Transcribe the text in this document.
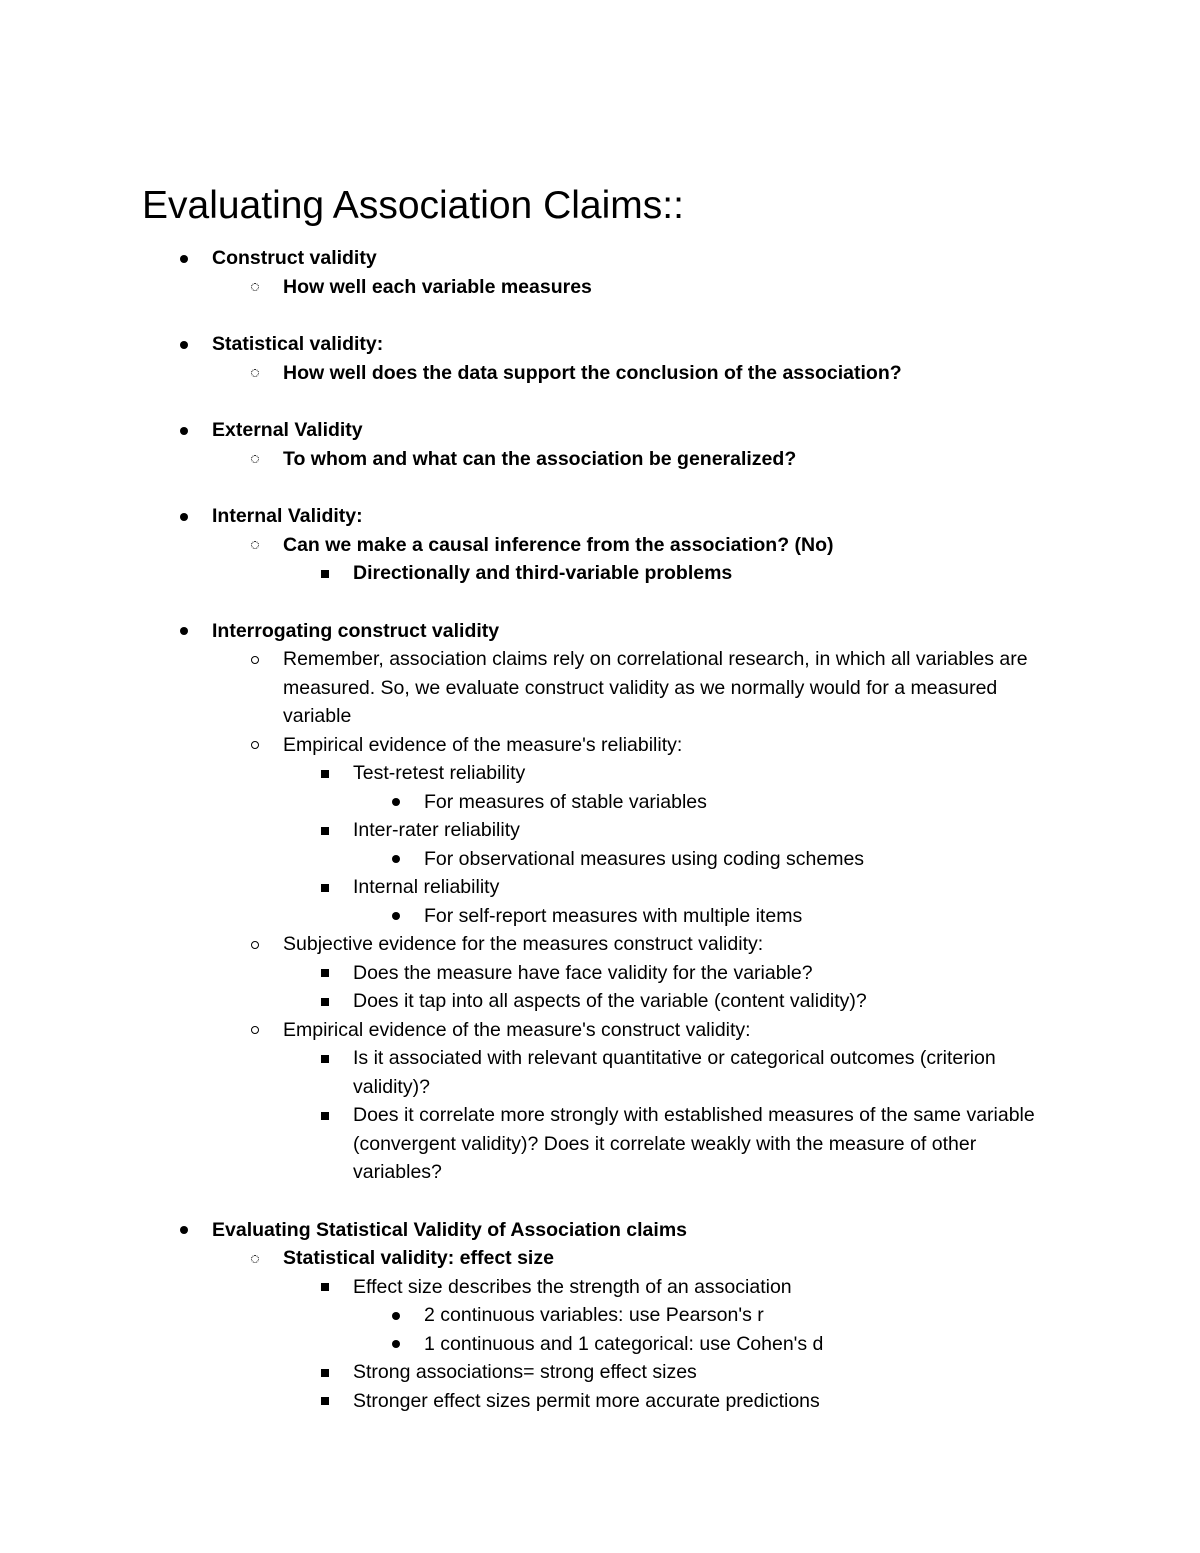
Evaluating Association Claims::
Construct validity
How well each variable measures
Statistical validity:
How well does the data support the conclusion of the association?
External Validity
To whom and what can the association be generalized?
Internal Validity:
Can we make a causal inference from the association? (No)
Directionally and third-variable problems
Interrogating construct validity
Remember, association claims rely on correlational research, in which all variables are measured. So, we evaluate construct validity as we normally would for a measured variable
Empirical evidence of the measure's reliability:
Test-retest reliability
For measures of stable variables
Inter-rater reliability
For observational measures using coding schemes
Internal reliability
For self-report measures with multiple items
Subjective evidence for the measures construct validity:
Does the measure have face validity for the variable?
Does it tap into all aspects of the variable (content validity)?
Empirical evidence of the measure's construct validity:
Is it associated with relevant quantitative or categorical outcomes (criterion validity)?
Does it correlate more strongly with established measures of the same variable (convergent validity)? Does it correlate weakly with the measure of other variables?
Evaluating Statistical Validity of Association claims
Statistical validity: effect size
Effect size describes the strength of an association
2 continuous variables: use Pearson's r
1 continuous and 1 categorical: use Cohen's d
Strong associations= strong effect sizes
Stronger effect sizes permit more accurate predictions
